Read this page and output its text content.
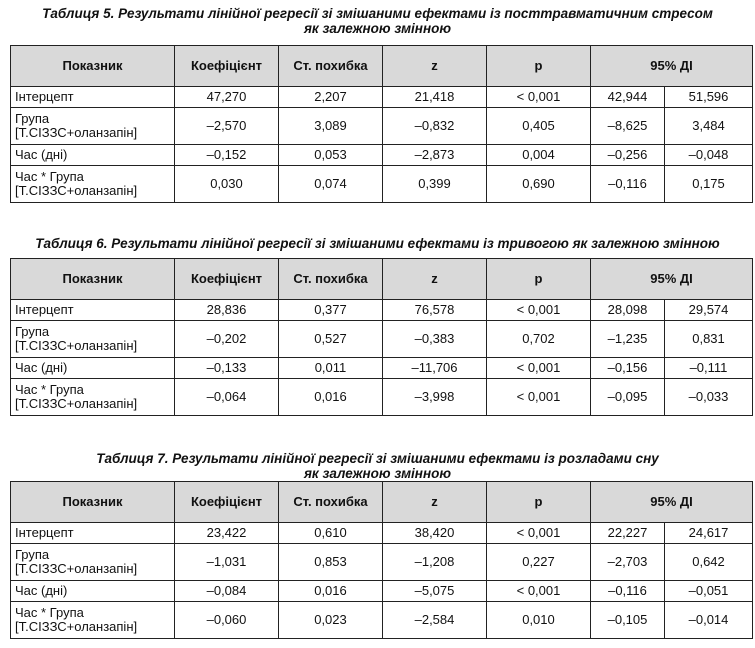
Таблиця 5. Результати лінійної регресії зі змішаними ефектами із посттравматичним стресом
як залежною змінною
Показник	Коефіцієнт	Ст. похибка	z	p	95% ДІ	
Інтерцепт	47,270	2,207	21,418	< 0,001	42,944	51,596

Група
[Т.СІЗЗС+оланзапін]	–2,570	3,089	–0,832	0,405	–8,625	3,484
Час (дні)	–0,152	0,053	–2,873	0,004	–0,256	–0,048

Час * Група
[Т.СІЗЗС+оланзапін]	0,030	0,074	0,399	0,690	–0,116	0,175
Таблиця 6. Результати лінійної регресії зі змішаними ефектами із тривогою як залежною змінною
Показник	Коефіцієнт	Ст. похибка	z	p	95% ДІ	
Інтерцепт	28,836	0,377	76,578	< 0,001	28,098	29,574

Група
[Т.СІЗЗС+оланзапін]	–0,202	0,527	–0,383	0,702	–1,235	0,831
Час (дні)	–0,133	0,011	–11,706	< 0,001	–0,156	–0,111

Час * Група
[Т.СІЗЗС+оланзапін]	–0,064	0,016	–3,998	< 0,001	–0,095	–0,033
Таблиця 7. Результати лінійної регресії зі змішаними ефектами із розладами сну
як залежною змінною
Показник	Коефіцієнт	Ст. похибка	z	p	95% ДІ	
Інтерцепт	23,422	0,610	38,420	< 0,001	22,227	24,617

Група
[Т.СІЗЗС+оланзапін]	–1,031	0,853	–1,208	0,227	–2,703	0,642
Час (дні)	–0,084	0,016	–5,075	< 0,001	–0,116	–0,051

Час * Група
[Т.СІЗЗС+оланзапін]	–0,060	0,023	–2,584	0,010	–0,105	–0,014
